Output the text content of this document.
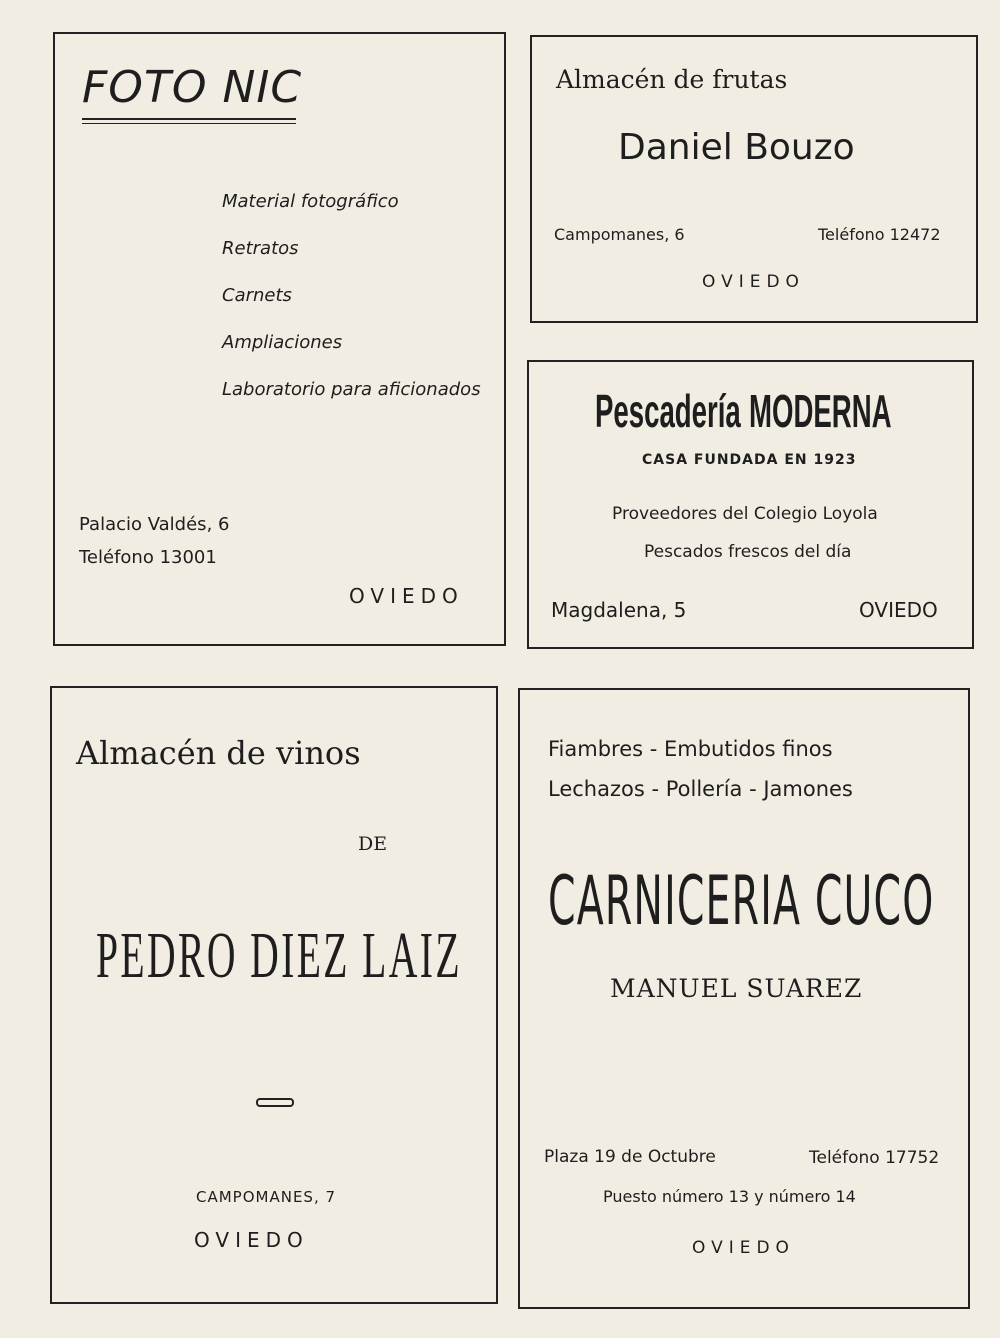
FOTO NIC
Material fotográfico
Retratos
Carnets
Ampliaciones
Laboratorio para aficionados
Palacio Valdés, 6
Teléfono 13001
OVIEDO
Almacén de frutas
Daniel Bouzo
Campomanes, 6	Teléfono 12472
OVIEDO
Pescadería MODERNA
CASA FUNDADA EN 1923
Proveedores del Colegio Loyola
Pescados frescos del día
Magdalena, 5	OVIEDO
Almacén de vinos
DE
PEDRO DIEZ LAIZ
CAMPOMANES, 7
OVIEDO
Fiambres - Embutidos finos
Lechazos - Pollería - Jamones
CARNICERIA CUCO
MANUEL SUAREZ
Plaza 19 de Octubre	Teléfono 17752
Puesto número 13 y número 14
OVIEDO
